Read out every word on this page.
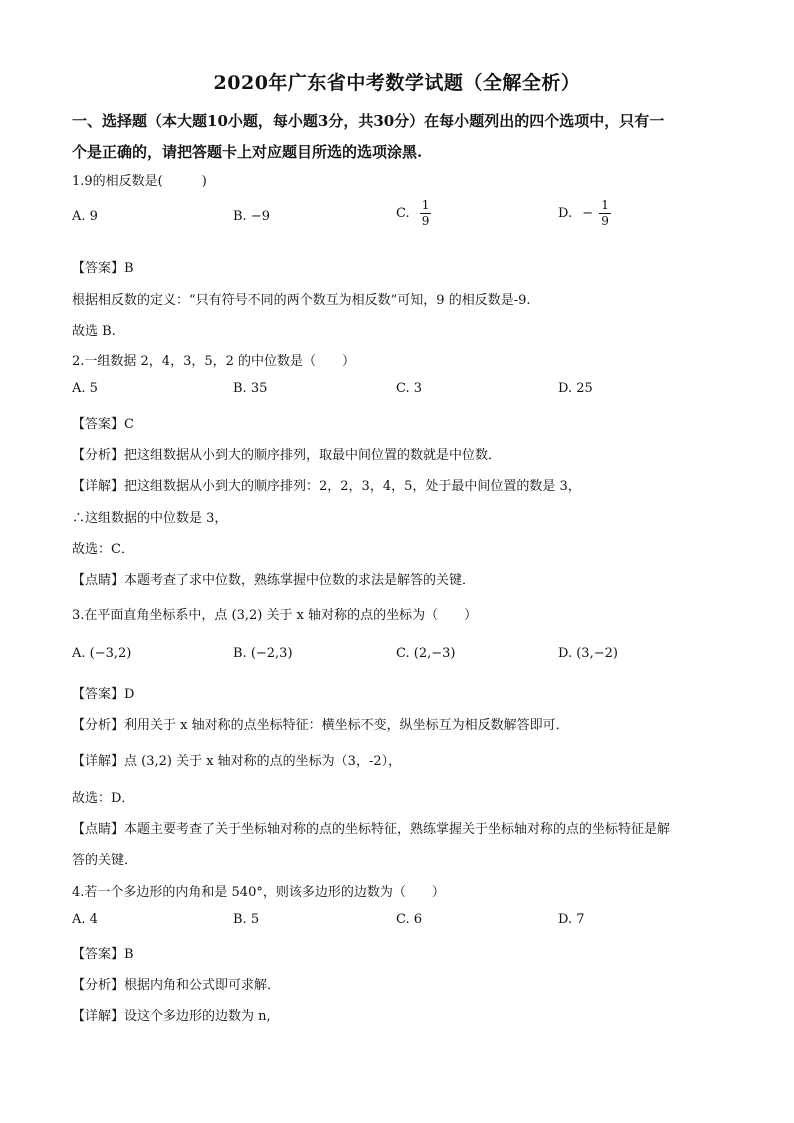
2020年广东省中考数学试题（全解全析）
一、选择题（本大题10小题，每小题3分，共30分）在每小题列出的四个选项中，只有一
个是正确的，请把答题卡上对应题目所选的选项涂黑.
1.9的相反数是(　　　)
A. 9	B. −9	C. $\frac{1}{9}$	D. − $\frac{1}{9}$
【答案】B
根据相反数的定义：“只有符号不同的两个数互为相反数”可知，9 的相反数是-9.
故选 B.
2.一组数据 2，4，3，5，2 的中位数是（　　）
A. 5	B. 35	C. 3	D. 25
【答案】C
【分析】把这组数据从小到大的顺序排列，取最中间位置的数就是中位数．
【详解】把这组数据从小到大的顺序排列：2，2，3，4，5，处于最中间位置的数是 3，
∴这组数据的中位数是 3，
故选：C．
【点睛】本题考查了求中位数，熟练掌握中位数的求法是解答的关键．
3.在平面直角坐标系中，点 (3,2) 关于 x 轴对称的点的坐标为（　　）
A. (−3,2)	B. (−2,3)	C. (2,−3)	D. (3,−2)
【答案】D
【分析】利用关于 x 轴对称的点坐标特征：横坐标不变，纵坐标互为相反数解答即可．
【详解】点 (3,2) 关于 x 轴对称的点的坐标为（3，-2），
故选：D．
【点睛】本题主要考查了关于坐标轴对称的点的坐标特征，熟练掌握关于坐标轴对称的点的坐标特征是解
答的关键．
4.若一个多边形的内角和是 540°，则该多边形的边数为（　　）
A. 4	B. 5	C. 6	D. 7
【答案】B
【分析】根据内角和公式即可求解．
【详解】设这个多边形的边数为 n,
